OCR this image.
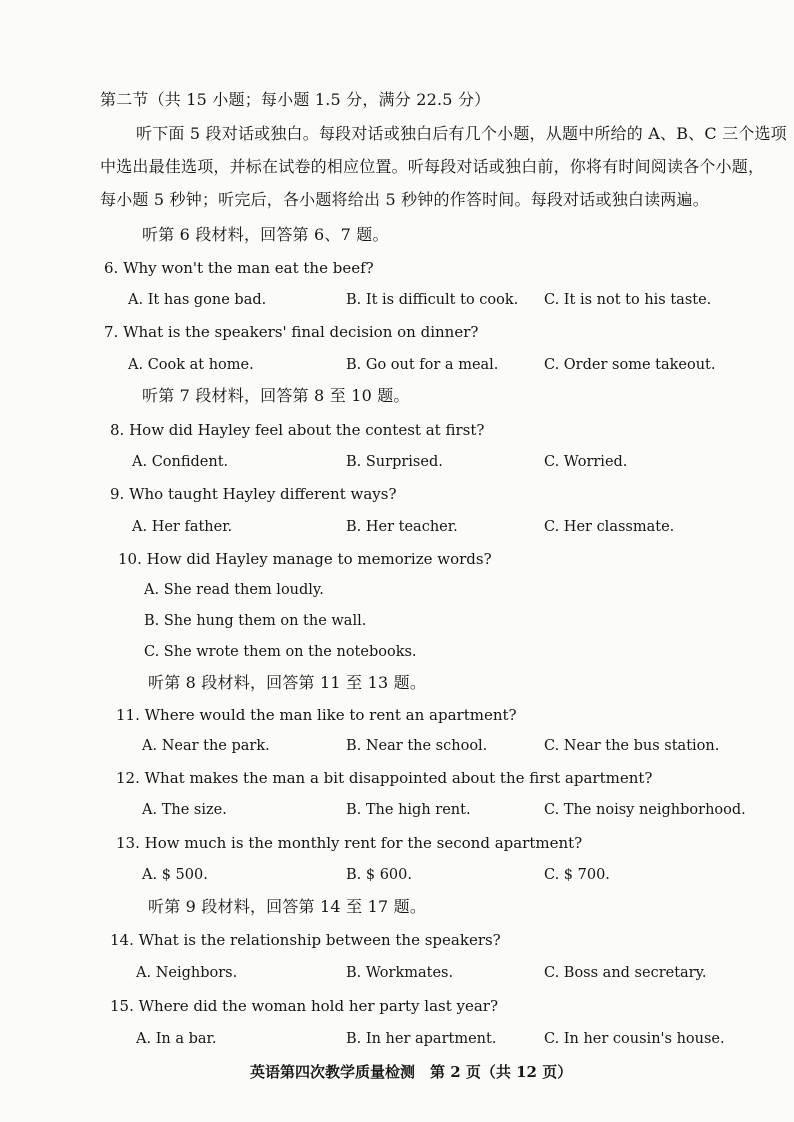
第二节（共 15 小题；每小题 1.5 分，满分 22.5 分）
听下面 5 段对话或独白。每段对话或独白后有几个小题，从题中所给的 A、B、C 三个选项
中选出最佳选项，并标在试卷的相应位置。听每段对话或独白前，你将有时间阅读各个小题，
每小题 5 秒钟；听完后，各小题将给出 5 秒钟的作答时间。每段对话或独白读两遍。
听第 6 段材料，回答第 6、7 题。
6. Why won't the man eat the beef?
A. It has gone bad.	B. It is difficult to cook. C. It is not to his taste.
7. What is the speakers' final decision on dinner?
A. Cook at home.	B. Go out for a meal.	C. Order some takeout.
听第 7 段材料，回答第 8 至 10 题。
8. How did Hayley feel about the contest at first?
A. Confident.	B. Surprised.	C. Worried.
9. Who taught Hayley different ways?
A. Her father.	B. Her teacher.	C. Her classmate.
10. How did Hayley manage to memorize words?
A. She read them loudly.
B. She hung them on the wall.
C. She wrote them on the notebooks.
听第 8 段材料，回答第 11 至 13 题。
11. Where would the man like to rent an apartment?
A. Near the park.	B. Near the school.	C. Near the bus station.
12. What makes the man a bit disappointed about the first apartment?
A. The size.	B. The high rent.	C. The noisy neighborhood.
13. How much is the monthly rent for the second apartment?
A. $ 500.	B. $ 600.	C. $ 700.
听第 9 段材料，回答第 14 至 17 题。
14. What is the relationship between the speakers?
A. Neighbors.	B. Workmates.	C. Boss and secretary.
15. Where did the woman hold her party last year?
A. In a bar.	B. In her apartment.	C. In her cousin's house.
英语第四次教学质量检测　第 2 页（共 12 页）
